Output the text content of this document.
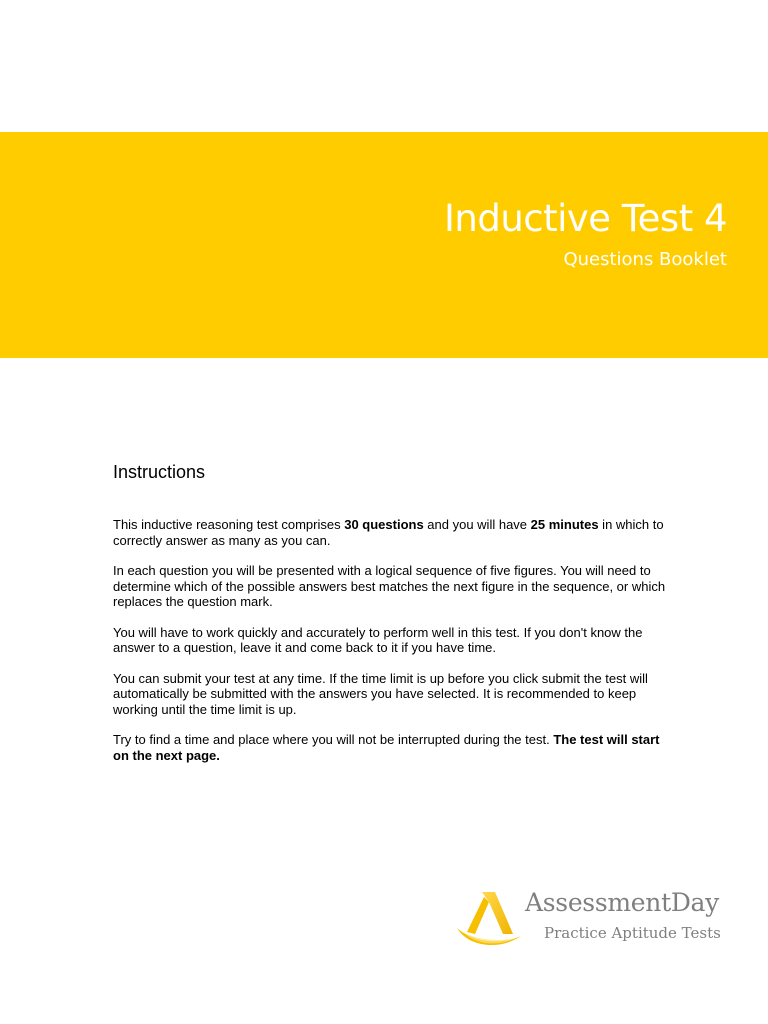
Inductive Test 4
Questions Booklet
Instructions

This inductive reasoning test comprises 30 questions and you will have 25 minutes in which to correctly answer as many as you can.

In each question you will be presented with a logical sequence of five figures. You will need to determine which of the possible answers best matches the next figure in the sequence, or which replaces the question mark.

You will have to work quickly and accurately to perform well in this test. If you don't know the answer to a question, leave it and come back to it if you have time.

You can submit your test at any time. If the time limit is up before you click submit the test will automatically be submitted with the answers you have selected. It is recommended to keep working until the time limit is up.

Try to find a time and place where you will not be interrupted during the test. The test will start on the next page.

AssessmentDay
Practice Aptitude Tests
